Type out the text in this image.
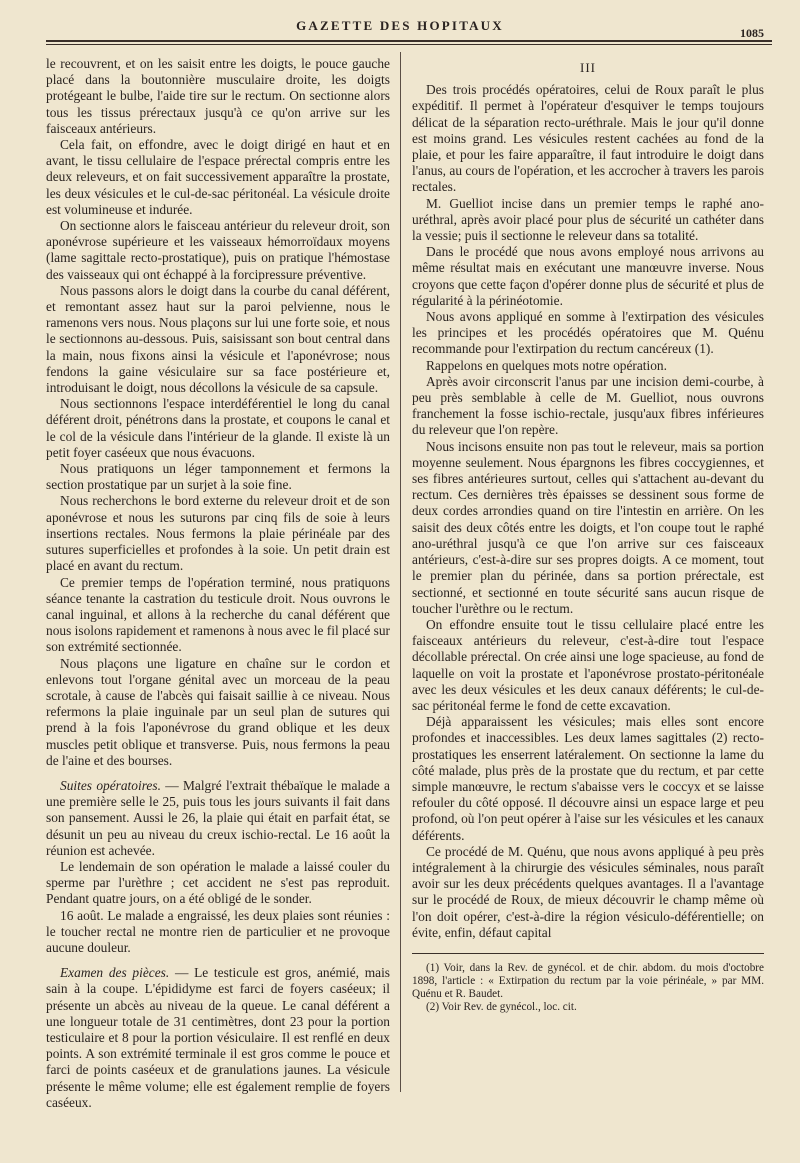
GAZETTE DES HOPITAUX	1085

le recouvrent, et on les saisit entre les doigts, le pouce gauche placé dans la boutonnière musculaire droite, les doigts protégeant le bulbe, l'aide tire sur le rectum. On sectionne alors tous les tissus prérectaux jusqu'à ce qu'on arrive sur les faisceaux antérieurs.

Cela fait, on effondre, avec le doigt dirigé en haut et en avant, le tissu cellulaire de l'espace prérectal compris entre les deux releveurs, et on fait successivement apparaître la prostate, les deux vésicules et le cul-de-sac péritonéal. La vésicule droite est volumineuse et indurée.

On sectionne alors le faisceau antérieur du releveur droit, son aponévrose supérieure et les vaisseaux hémorroïdaux moyens (lame sagittale recto-prostatique), puis on pratique l'hémostase des vaisseaux qui ont échappé à la forcipressure préventive.

Nous passons alors le doigt dans la courbe du canal déférent, et remontant assez haut sur la paroi pelvienne, nous le ramenons vers nous. Nous plaçons sur lui une forte soie, et nous le sectionnons au-dessous. Puis, saisissant son bout central dans la main, nous fixons ainsi la vésicule et l'aponévrose; nous fendons la gaine vésiculaire sur sa face postérieure et, introduisant le doigt, nous décollons la vésicule de sa capsule.

Nous sectionnons l'espace interdéférentiel le long du canal déférent droit, pénétrons dans la prostate, et coupons le canal et le col de la vésicule dans l'intérieur de la glande. Il existe là un petit foyer caséeux que nous évacuons.

Nous pratiquons un léger tamponnement et fermons la section prostatique par un surjet à la soie fine.

Nous recherchons le bord externe du releveur droit et de son aponévrose et nous les suturons par cinq fils de soie à leurs insertions rectales. Nous fermons la plaie périnéale par des sutures superficielles et profondes à la soie. Un petit drain est placé en avant du rectum.

Ce premier temps de l'opération terminé, nous pratiquons séance tenante la castration du testicule droit. Nous ouvrons le canal inguinal, et allons à la recherche du canal déférent que nous isolons rapidement et ramenons à nous avec le fil placé sur son extrémité sectionnée.

Nous plaçons une ligature en chaîne sur le cordon et enlevons tout l'organe génital avec un morceau de la peau scrotale, à cause de l'abcès qui faisait saillie à ce niveau. Nous refermons la plaie inguinale par un seul plan de sutures qui prend à la fois l'aponévrose du grand oblique et les deux muscles petit oblique et transverse. Puis, nous fermons la peau de l'aine et des bourses.

Suites opératoires. — Malgré l'extrait thébaïque le malade a une première selle le 25, puis tous les jours suivants il fait dans son pansement. Aussi le 26, la plaie qui était en parfait état, se désunit un peu au niveau du creux ischio-rectal. Le 16 août la réunion est achevée.

Le lendemain de son opération le malade a laissé couler du sperme par l'urèthre ; cet accident ne s'est pas reproduit. Pendant quatre jours, on a été obligé de le sonder.

16 août. Le malade a engraissé, les deux plaies sont réunies : le toucher rectal ne montre rien de particulier et ne provoque aucune douleur.

Examen des pièces. — Le testicule est gros, anémié, mais sain à la coupe. L'épididyme est farci de foyers caséeux; il présente un abcès au niveau de la queue. Le canal déférent a une longueur totale de 31 centimètres, dont 23 pour la portion testiculaire et 8 pour la portion vésiculaire. Il est renflé en deux points. A son extrémité terminale il est gros comme le pouce et farci de points caséeux et de granulations jaunes. La vésicule présente le même volume; elle est également remplie de foyers caséeux.

III

Des trois procédés opératoires, celui de Roux paraît le plus expéditif. Il permet à l'opérateur d'esquiver le temps toujours délicat de la séparation recto-uréthrale. Mais le jour qu'il donne est moins grand. Les vésicules restent cachées au fond de la plaie, et pour les faire apparaître, il faut introduire le doigt dans l'anus, au cours de l'opération, et les accrocher à travers les parois rectales.

M. Guelliot incise dans un premier temps le raphé ano-uréthral, après avoir placé pour plus de sécurité un cathéter dans la vessie; puis il sectionne le releveur dans sa totalité.

Dans le procédé que nous avons employé nous arrivons au même résultat mais en exécutant une manœuvre inverse. Nous croyons que cette façon d'opérer donne plus de sécurité et plus de régularité à la périnéotomie.

Nous avons appliqué en somme à l'extirpation des vésicules les principes et les procédés opératoires que M. Quénu recommande pour l'extirpation du rectum cancéreux (1).

Rappelons en quelques mots notre opération.

Après avoir circonscrit l'anus par une incision demi-courbe, à peu près semblable à celle de M. Guelliot, nous ouvrons franchement la fosse ischio-rectale, jusqu'aux fibres inférieures du releveur que l'on repère.

Nous incisons ensuite non pas tout le releveur, mais sa portion moyenne seulement. Nous épargnons les fibres coccygiennes, et ses fibres antérieures surtout, celles qui s'attachent au-devant du rectum. Ces dernières très épaisses se dessinent sous forme de deux cordes arrondies quand on tire l'intestin en arrière. On les saisit des deux côtés entre les doigts, et l'on coupe tout le raphé ano-uréthral jusqu'à ce que l'on arrive sur ces faisceaux antérieurs, c'est-à-dire sur ses propres doigts. A ce moment, tout le premier plan du périnée, dans sa portion prérectale, est sectionné, et sectionné en toute sécurité sans aucun risque de toucher l'urèthre ou le rectum.

On effondre ensuite tout le tissu cellulaire placé entre les faisceaux antérieurs du releveur, c'est-à-dire tout l'espace décollable prérectal. On crée ainsi une loge spacieuse, au fond de laquelle on voit la prostate et l'aponévrose prostato-péritonéale avec les deux vésicules et les deux canaux déférents; le cul-de-sac péritonéal ferme le fond de cette excavation.

Déjà apparaissent les vésicules; mais elles sont encore profondes et inaccessibles. Les deux lames sagittales (2) recto-prostatiques les enserrent latéralement. On sectionne la lame du côté malade, plus près de la prostate que du rectum, et par cette simple manœuvre, le rectum s'abaisse vers le coccyx et se laisse refouler du côté opposé. Il découvre ainsi un espace large et peu profond, où l'on peut opérer à l'aise sur les vésicules et les canaux déférents.

Ce procédé de M. Quénu, que nous avons appliqué à peu près intégralement à la chirurgie des vésicules séminales, nous paraît avoir sur les deux précédents quelques avantages. Il a l'avantage sur le procédé de Roux, de mieux découvrir le champ même où l'on doit opérer, c'est-à-dire la région vésiculo-déférentielle; on évite, enfin, défaut capital

(1) Voir, dans la Rev. de gynécol. et de chir. abdom. du mois d'octobre 1898, l'article : « Extirpation du rectum par la voie périnéale, » par MM. Quénu et R. Baudet.

(2) Voir Rev. de gynécol., loc. cit.
